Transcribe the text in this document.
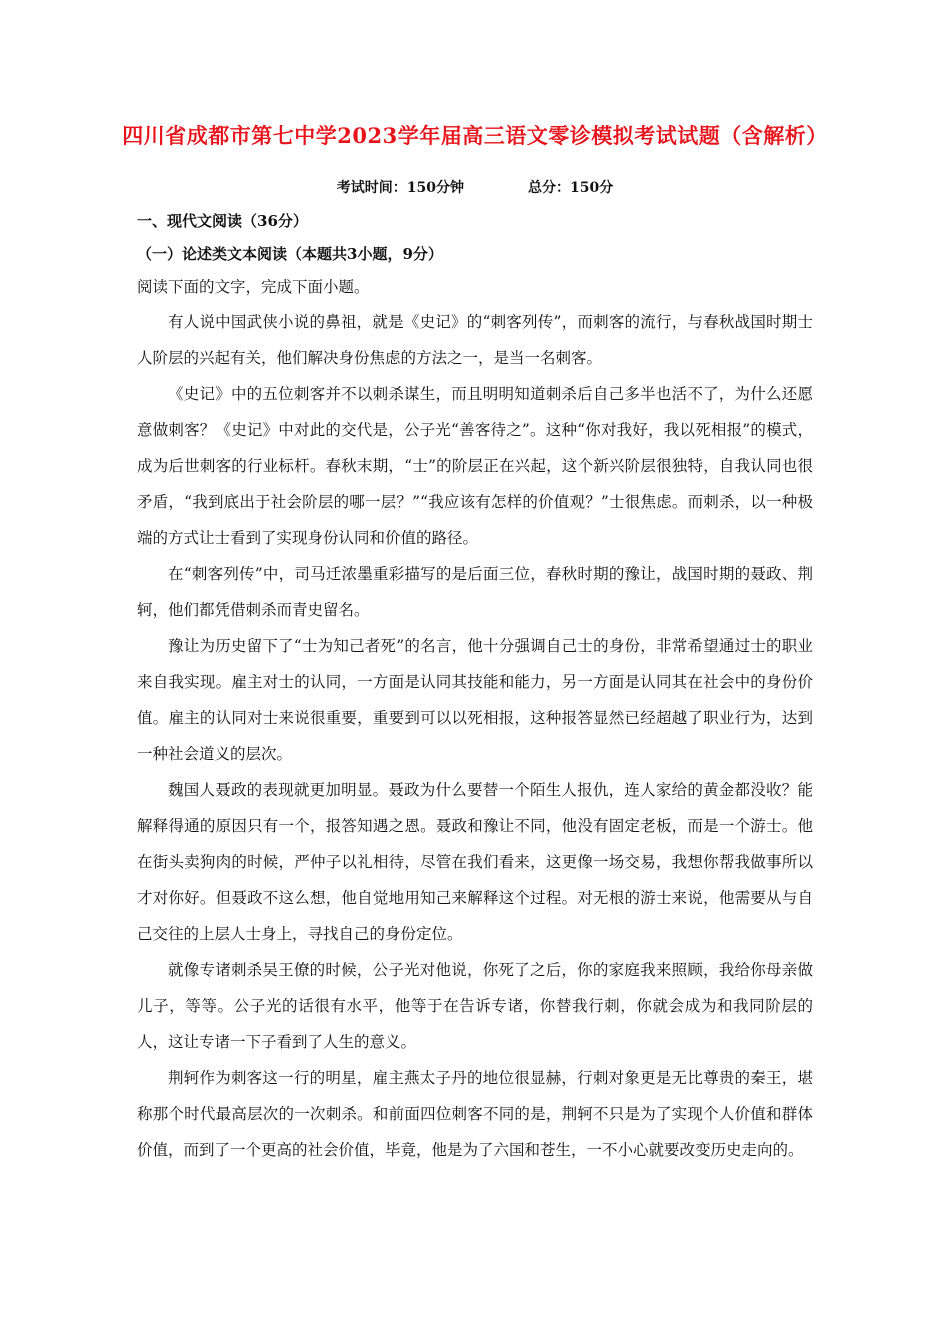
四川省成都市第七中学2023学年届高三语文零诊模拟考试试题（含解析）
考试时间：150分钟	总分：150分
一、现代文阅读（36分）
（一）论述类文本阅读（本题共3小题，9分）
阅读下面的文字，完成下面小题。

有人说中国武侠小说的鼻祖，就是《史记》的“刺客列传”，而刺客的流行，与春秋战国时期士人阶层的兴起有关，他们解决身份焦虑的方法之一，是当一名刺客。

《史记》中的五位刺客并不以刺杀谋生，而且明明知道刺杀后自己多半也活不了，为什么还愿意做刺客？《史记》中对此的交代是，公子光“善客待之”。这种“你对我好，我以死相报”的模式，成为后世刺客的行业标杆。春秋末期，“士”的阶层正在兴起，这个新兴阶层很独特，自我认同也很矛盾，“我到底出于社会阶层的哪一层？”“我应该有怎样的价值观？”士很焦虑。而刺杀，以一种极端的方式让士看到了实现身份认同和价值的路径。

在“刺客列传”中，司马迁浓墨重彩描写的是后面三位，春秋时期的豫让，战国时期的聂政、荆轲，他们都凭借刺杀而青史留名。

豫让为历史留下了“士为知己者死”的名言，他十分强调自己士的身份，非常希望通过士的职业来自我实现。雇主对士的认同，一方面是认同其技能和能力，另一方面是认同其在社会中的身份价值。雇主的认同对士来说很重要，重要到可以以死相报，这种报答显然已经超越了职业行为，达到一种社会道义的层次。

魏国人聂政的表现就更加明显。聂政为什么要替一个陌生人报仇，连人家给的黄金都没收？能解释得通的原因只有一个，报答知遇之恩。聂政和豫让不同，他没有固定老板，而是一个游士。他在街头卖狗肉的时候，严仲子以礼相待，尽管在我们看来，这更像一场交易，我想你帮我做事所以才对你好。但聂政不这么想，他自觉地用知己来解释这个过程。对无根的游士来说，他需要从与自己交往的上层人士身上，寻找自己的身份定位。

就像专诸刺杀吴王僚的时候，公子光对他说，你死了之后，你的家庭我来照顾，我给你母亲做儿子，等等。公子光的话很有水平，他等于在告诉专诸，你替我行刺，你就会成为和我同阶层的人，这让专诸一下子看到了人生的意义。

荆轲作为刺客这一行的明星，雇主燕太子丹的地位很显赫，行刺对象更是无比尊贵的秦王，堪称那个时代最高层次的一次刺杀。和前面四位刺客不同的是，荆轲不只是为了实现个人价值和群体价值，而到了一个更高的社会价值，毕竟，他是为了六国和苍生，一不小心就要改变历史走向的。
